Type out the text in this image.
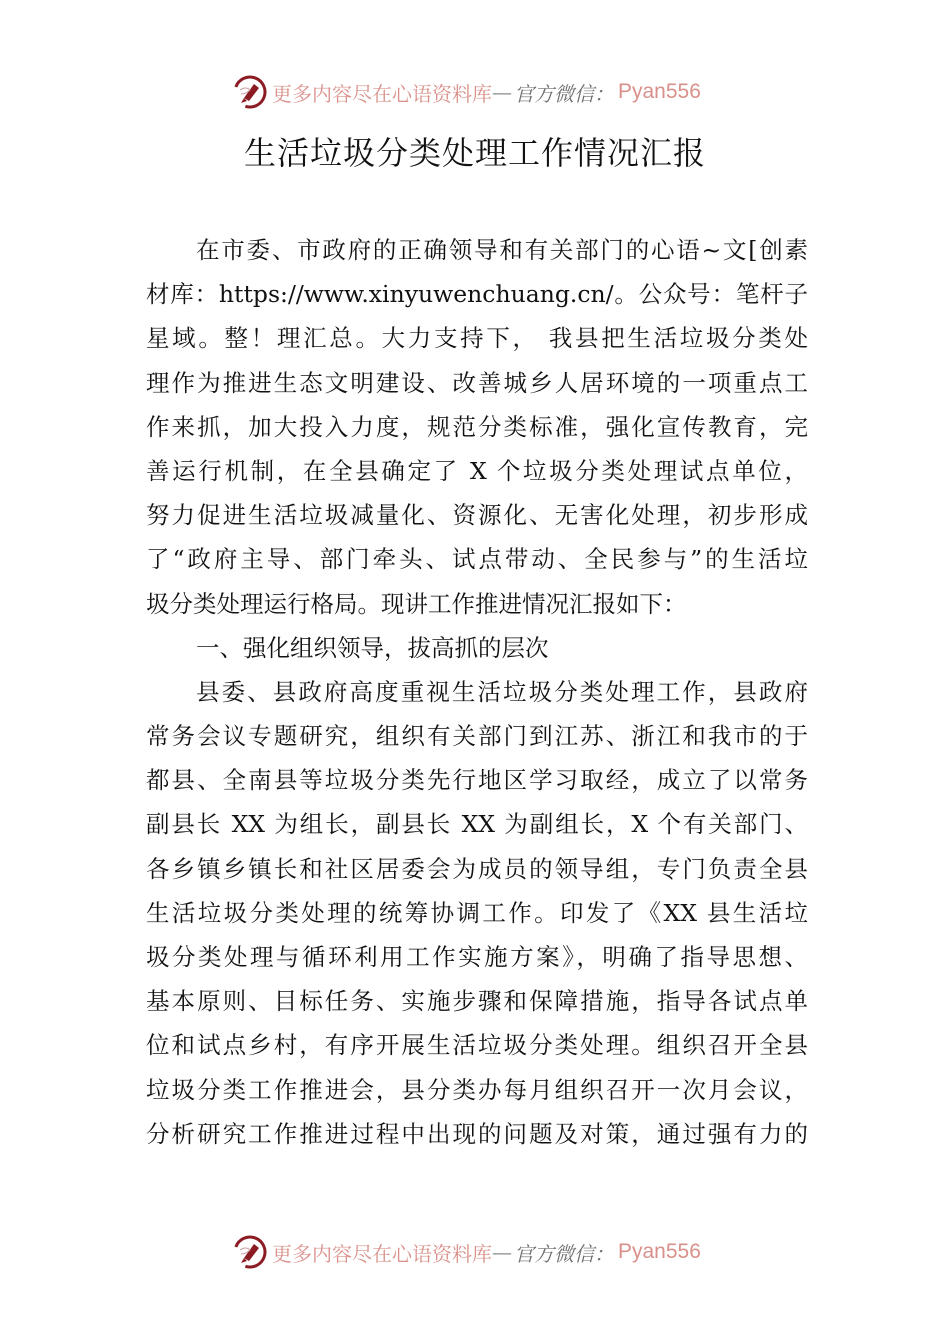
更多内容尽在心语资料库 — 官方微信： Pyan556
生活垃圾分类处理工作情况汇报
在市委、市政府的正确领导和有关部门的心语~文[创素
材库：https://www.xinyuwenchuang.cn/。公众号：笔杆子
星域。整！理汇总。大力支持下， 我县把生活垃圾分类处
理作为推进生态文明建设、改善城乡人居环境的一项重点工
作来抓，加大投入力度，规范分类标准，强化宣传教育，完
善运行机制，在全县确定了 X 个垃圾分类处理试点单位，
努力促进生活垃圾减量化、资源化、无害化处理，初步形成
了“政府主导、部门牵头、试点带动、全民参与”的生活垃
圾分类处理运行格局。现讲工作推进情况汇报如下：
一、强化组织领导，拔高抓的层次
县委、县政府高度重视生活垃圾分类处理工作，县政府
常务会议专题研究，组织有关部门到江苏、浙江和我市的于
都县、全南县等垃圾分类先行地区学习取经，成立了以常务
副县长 XX 为组长，副县长 XX 为副组长，X 个有关部门、
各乡镇乡镇长和社区居委会为成员的领导组，专门负责全县
生活垃圾分类处理的统筹协调工作。印发了《XX 县生活垃
圾分类处理与循环利用工作实施方案》，明确了指导思想、
基本原则、目标任务、实施步骤和保障措施，指导各试点单
位和试点乡村，有序开展生活垃圾分类处理。组织召开全县
垃圾分类工作推进会，县分类办每月组织召开一次月会议，
分析研究工作推进过程中出现的问题及对策，通过强有力的
更多内容尽在心语资料库 — 官方微信： Pyan556
